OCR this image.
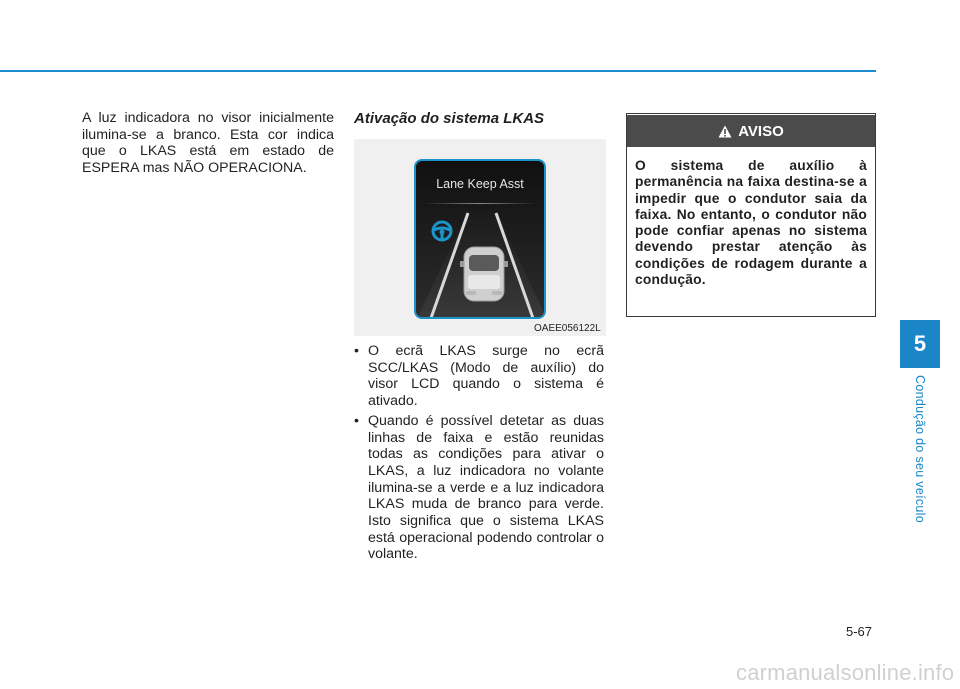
5
Condução do seu veículo

A luz indicadora no visor inicialmente ilumina-se a branco. Esta cor indica que o LKAS está em estado de ESPERA mas NÃO OPERACIONA.

Ativação do sistema LKAS
Lane Keep Asst
OAEE056122L

• O ecrã LKAS surge no ecrã SCC/LKAS (Modo de auxílio) do visor LCD quando o sistema é ativado.

• Quando é possível detetar as duas linhas de faixa e estão reunidas todas as condições para ativar o LKAS, a luz indicadora no volante ilumina-se a verde e a luz indicadora LKAS muda de branco para verde. Isto significa que o sistema LKAS está operacional podendo controlar o volante.

AVISO

O sistema de auxílio à permanência na faixa destina-se a impedir que o condutor saia da faixa. No entanto, o condutor não pode confiar apenas no sistema devendo prestar atenção às condições de rodagem durante a condução.

5-67
carmanualsonline.info
